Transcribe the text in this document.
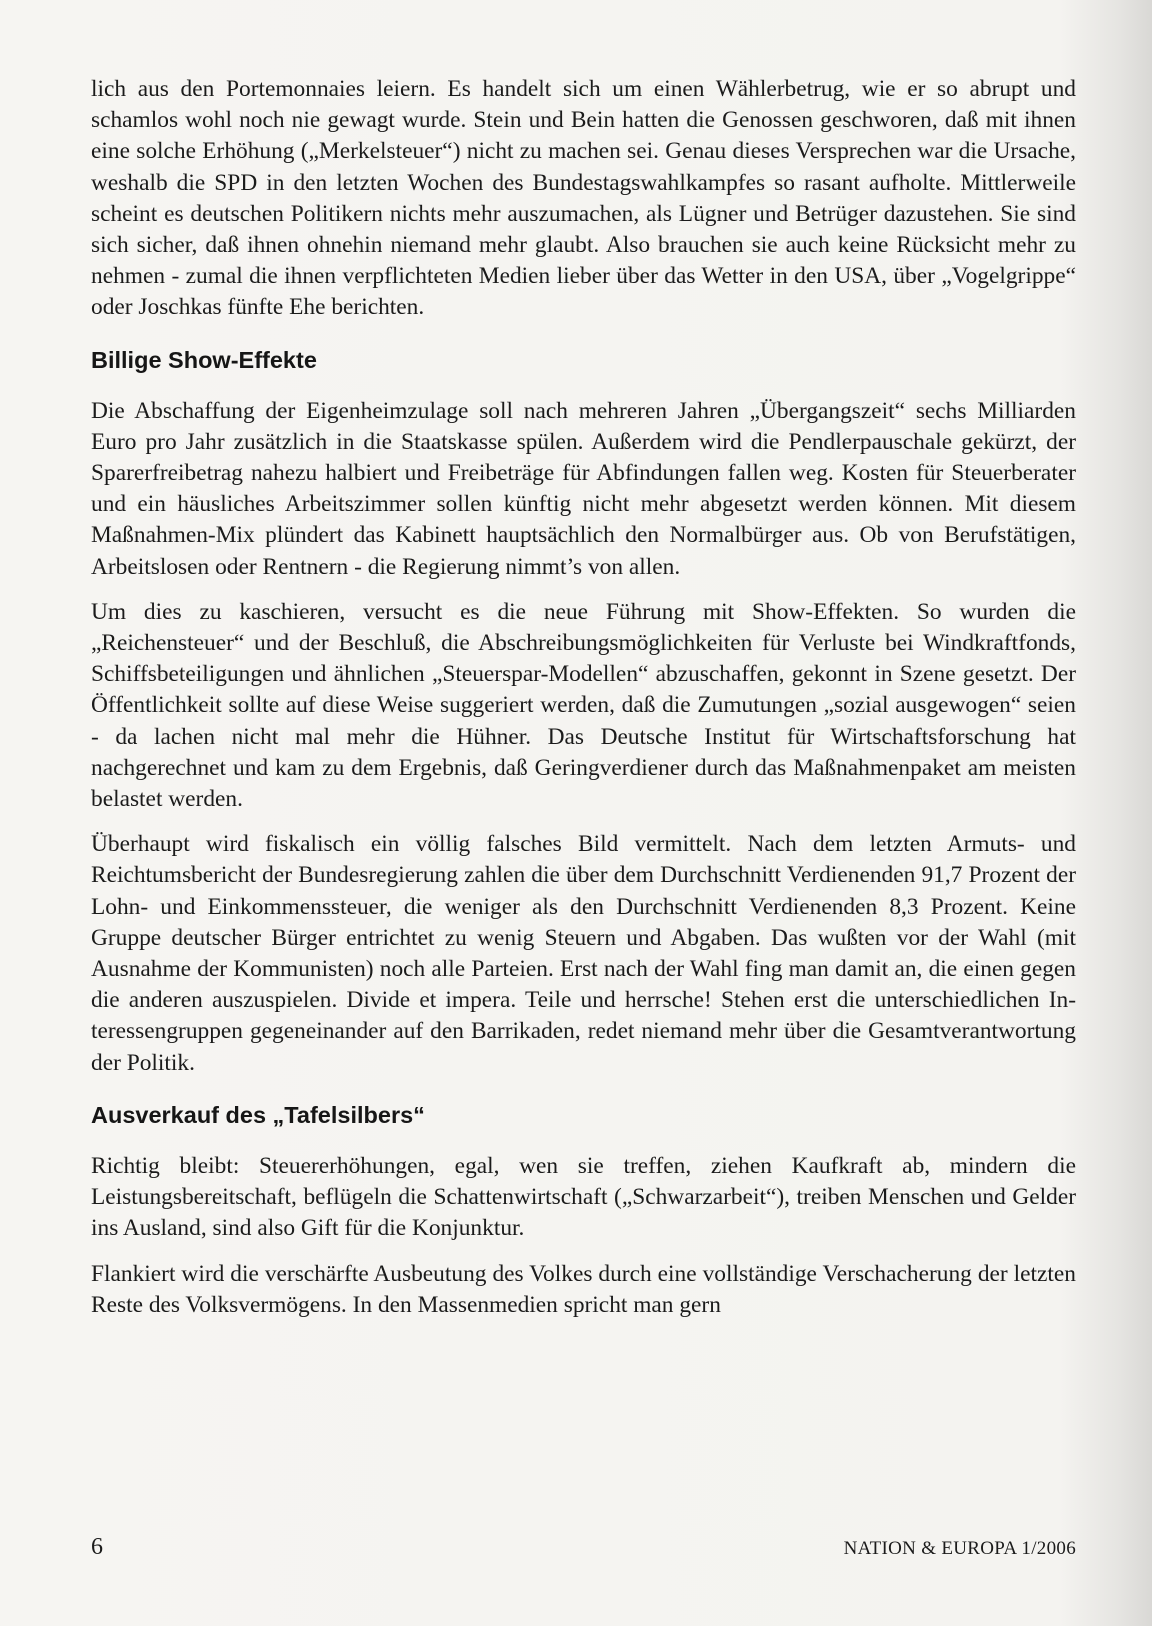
lich aus den Portemonnaies leiern. Es handelt sich um einen Wählerbetrug, wie er so abrupt und schamlos wohl noch nie gewagt wurde. Stein und Bein hatten die Genossen geschworen, daß mit ihnen eine solche Erhöhung („Merkelsteuer“) nicht zu machen sei. Genau dieses Versprechen war die Ursache, weshalb die SPD in den letzten Wochen des Bundestagswahlkampfes so rasant aufholte. Mittlerweile scheint es deutschen Politikern nichts mehr auszumachen, als Lügner und Betrüger dazustehen. Sie sind sich sicher, daß ihnen ohnehin niemand mehr glaubt. Also brauchen sie auch keine Rücksicht mehr zu nehmen - zumal die ihnen verpflichteten Medien lieber über das Wetter in den USA, über „Vogelgrippe“ oder Joschkas fünfte Ehe berichten.

Billige Show-Effekte

Die Abschaffung der Eigenheimzulage soll nach mehreren Jahren „Übergangszeit“ sechs Milliarden Euro pro Jahr zusätzlich in die Staatskasse spülen. Außerdem wird die Pendlerpauschale gekürzt, der Sparerfreibetrag nahezu halbiert und Freibeträge für Abfindungen fallen weg. Kosten für Steuerberater und ein häusliches Arbeitszimmer sollen künftig nicht mehr abgesetzt werden können. Mit diesem Maßnahmen-Mix plündert das Kabinett hauptsächlich den Normalbürger aus. Ob von Berufstätigen, Arbeitslosen oder Rentnern - die Regierung nimmt’s von allen.

Um dies zu kaschieren, versucht es die neue Führung mit Show-Effekten. So wurden die „Reichensteuer“ und der Beschluß, die Abschreibungsmöglichkeiten für Verluste bei Windkraftfonds, Schiffsbeteiligungen und ähnlichen „Steuerspar-Modellen“ abzuschaffen, gekonnt in Szene gesetzt. Der Öffentlichkeit sollte auf diese Weise suggeriert werden, daß die Zumutungen „sozial ausgewogen“ seien - da lachen nicht mal mehr die Hühner. Das Deutsche Institut für Wirtschaftsforschung hat nachgerechnet und kam zu dem Ergebnis, daß Geringverdiener durch das Maßnahmenpaket am meisten belastet werden.

Überhaupt wird fiskalisch ein völlig falsches Bild vermittelt. Nach dem letzten Armuts- und Reichtumsbericht der Bundesregierung zahlen die über dem Durchschnitt Verdienenden 91,7 Prozent der Lohn- und Einkommenssteuer, die weniger als den Durchschnitt Verdienenden 8,3 Prozent. Keine Gruppe deutscher Bürger entrichtet zu wenig Steuern und Abgaben. Das wußten vor der Wahl (mit Ausnahme der Kommunisten) noch alle Parteien. Erst nach der Wahl fing man damit an, die einen gegen die anderen auszuspielen. Divide et impera. Teile und herrsche! Stehen erst die unterschiedlichen Interessengruppen gegeneinander auf den Barrikaden, redet niemand mehr über die Gesamtverantwortung der Politik.

Ausverkauf des „Tafelsilbers“

Richtig bleibt: Steuererhöhungen, egal, wen sie treffen, ziehen Kaufkraft ab, mindern die Leistungsbereitschaft, beflügeln die Schattenwirtschaft („Schwarzarbeit“), treiben Menschen und Gelder ins Ausland, sind also Gift für die Konjunktur.

Flankiert wird die verschärfte Ausbeutung des Volkes durch eine vollständige Verschacherung der letzten Reste des Volksvermögens. In den Massenmedien spricht man gern

6	NATION & EUROPA 1/2006
